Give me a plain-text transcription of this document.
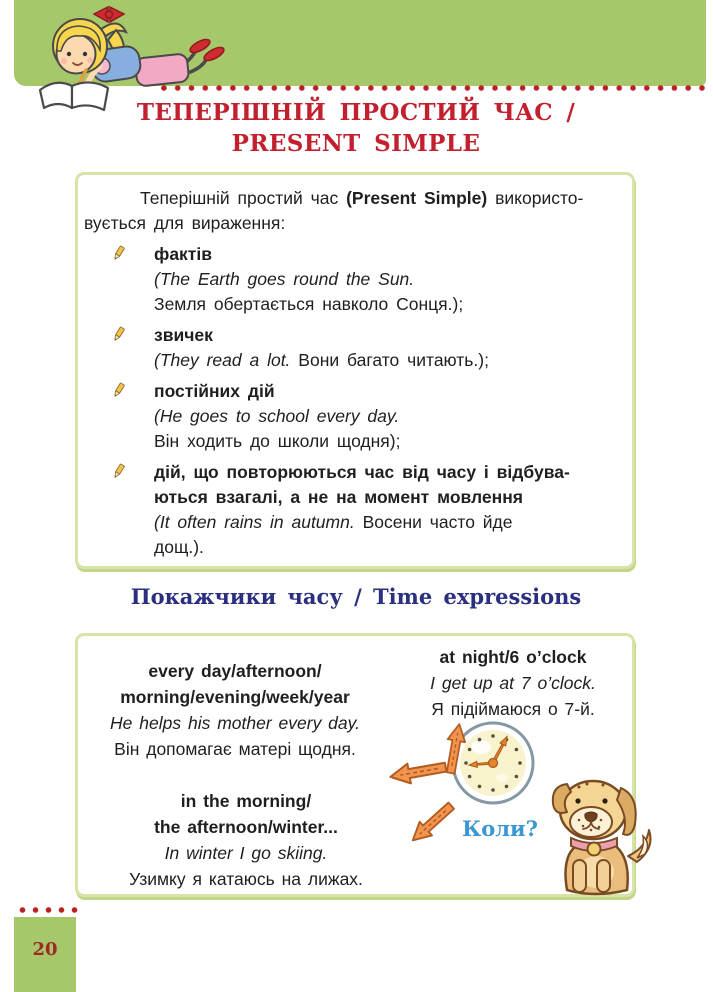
ТЕПЕРІШНІЙ ПРОСТИЙ ЧАС /
PRESENT SIMPLE
Теперішній простий час (Present Simple) використо-
вується для вираження:
фактів
(The Earth goes round the Sun.
Земля обертається навколо Сонця.);
звичек
(They read a lot. Вони багато читають.);
постійних дій
(He goes to school every day.
Він ходить до школи щодня);
дій, що повторюються час від часу і відбува-
ються взагалі, а не на момент мовлення
(It often rains in autumn. Восени часто йде
дощ.).
Покажчики часу / Time expressions
every day/afternoon/
morning/evening/week/year
He helps his mother every day.
Він допомагає матері щодня.
at night/6 o’clock
I get up at 7 o’clock.
Я підіймаюся о 7-й.
in the morning/
the afternoon/winter...
In winter I go skiing.
Узимку я катаюсь на лижах.
Коли?
20
